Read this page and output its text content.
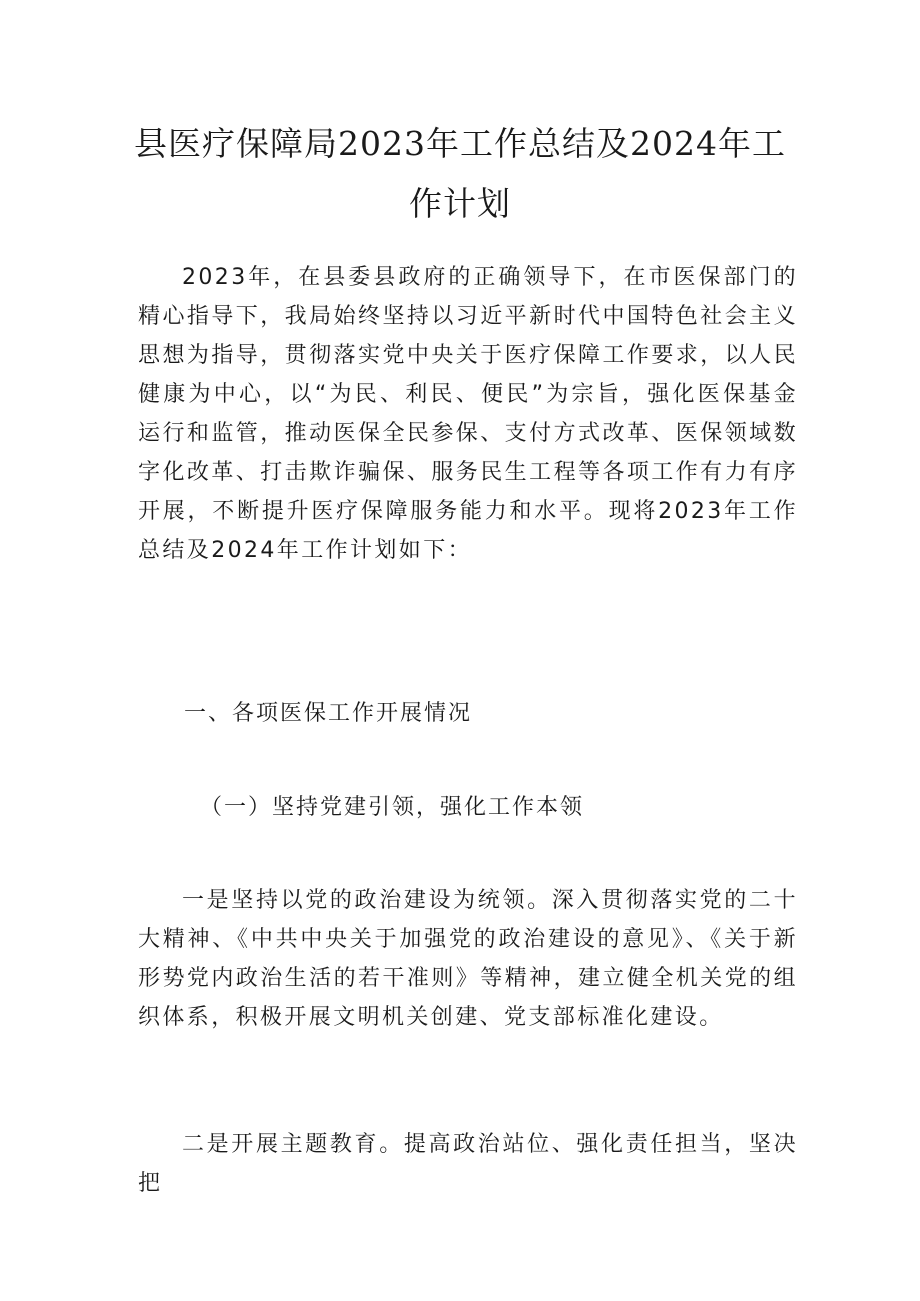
县医疗保障局2023年工作总结及2024年工
作计划

2023年，在县委县政府的正确领导下，在市医保部门的精心指导下，我局始终坚持以习近平新时代中国特色社会主义思想为指导，贯彻落实党中央关于医疗保障工作要求，以人民健康为中心，以“为民、利民、便民”为宗旨，强化医保基金运行和监管，推动医保全民参保、支付方式改革、医保领域数字化改革、打击欺诈骗保、服务民生工程等各项工作有力有序开展，不断提升医疗保障服务能力和水平。现将2023年工作总结及2024年工作计划如下：

一、各项医保工作开展情况
（一）坚持党建引领，强化工作本领

一是坚持以党的政治建设为统领。深入贯彻落实党的二十大精神、《中共中央关于加强党的政治建设的意见》、《关于新形势党内政治生活的若干准则》等精神，建立健全机关党的组织体系，积极开展文明机关创建、党支部标准化建设。

二是开展主题教育。提高政治站位、强化责任担当，坚决把
